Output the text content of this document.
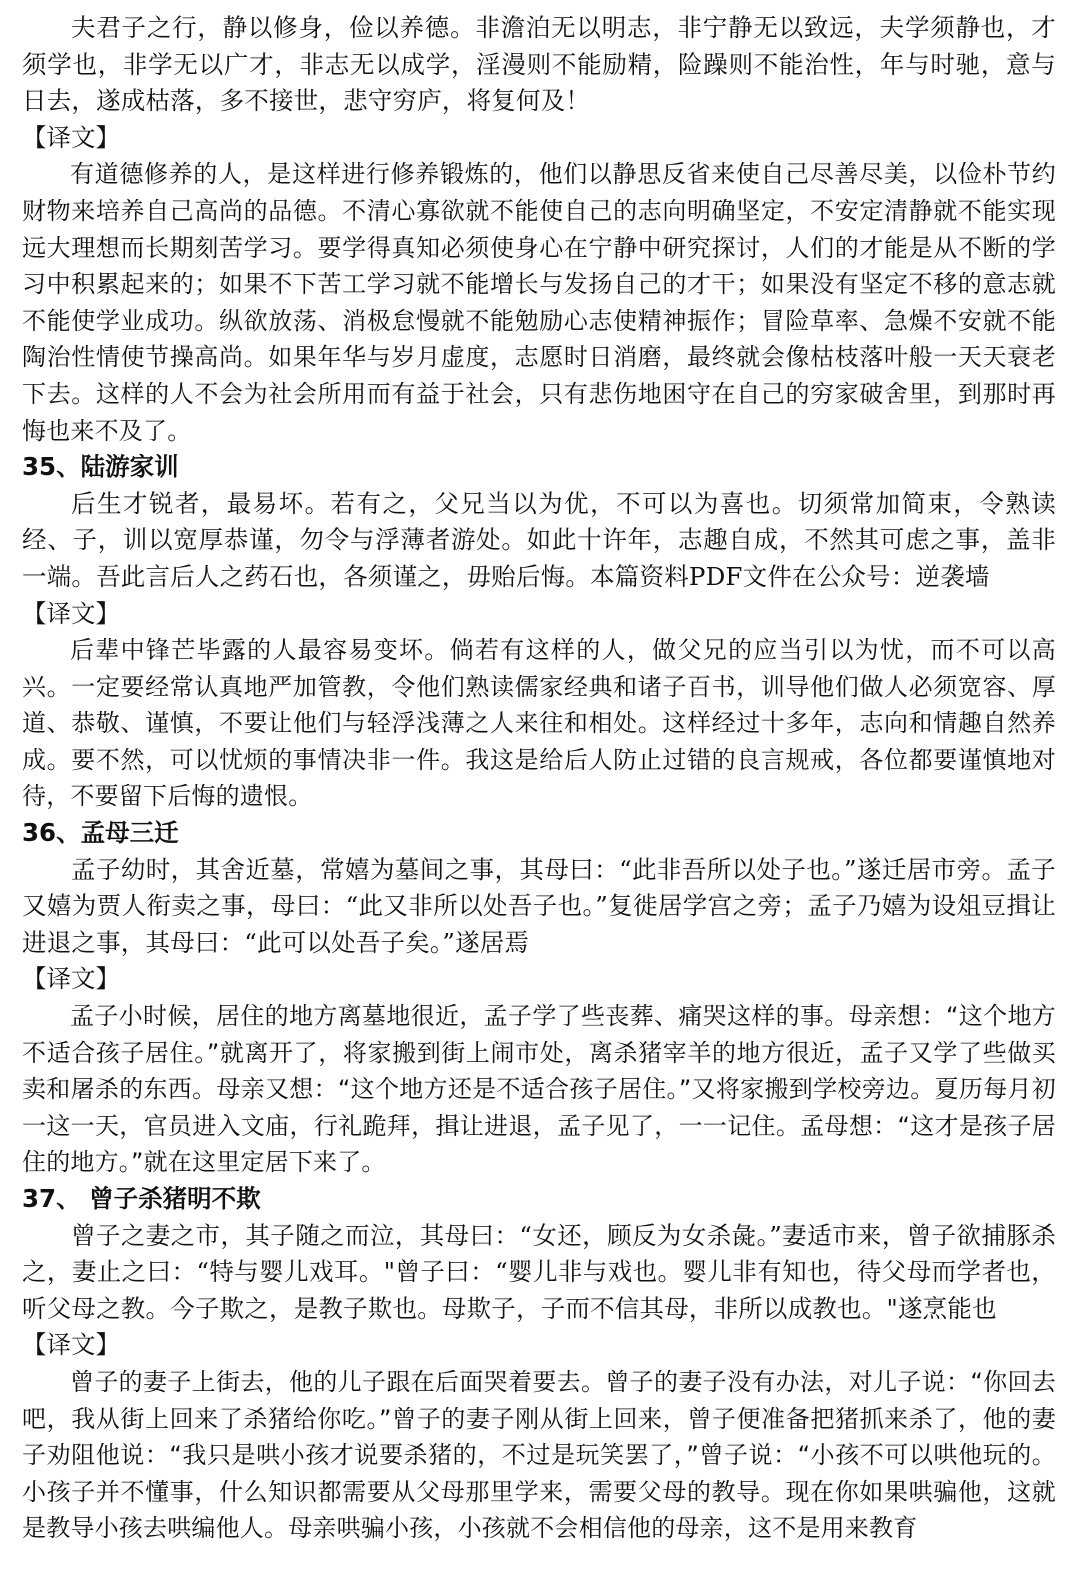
夫君子之行，静以修身，俭以养德。非澹泊无以明志，非宁静无以致远，夫学须静也，才须学也，非学无以广才，非志无以成学，淫漫则不能励精，险躁则不能治性，年与时驰，意与日去，遂成枯落，多不接世，悲守穷庐，将复何及！

【译文】

有道德修养的人，是这样进行修养锻炼的，他们以静思反省来使自己尽善尽美，以俭朴节约财物来培养自己高尚的品德。不清心寡欲就不能使自己的志向明确坚定，不安定清静就不能实现远大理想而长期刻苦学习。要学得真知必须使身心在宁静中研究探讨，人们的才能是从不断的学习中积累起来的；如果不下苦工学习就不能增长与发扬自己的才干；如果没有坚定不移的意志就不能使学业成功。纵欲放荡、消极怠慢就不能勉励心志使精神振作；冒险草率、急燥不安就不能陶治性情使节操高尚。如果年华与岁月虚度，志愿时日消磨，最终就会像枯枝落叶般一天天衰老下去。这样的人不会为社会所用而有益于社会，只有悲伤地困守在自己的穷家破舍里，到那时再悔也来不及了。

35、陆游家训

后生才锐者，最易坏。若有之，父兄当以为优，不可以为喜也。切须常加简束，令熟读经、子，训以宽厚恭谨，勿令与浮薄者游处。如此十许年，志趣自成，不然其可虑之事，盖非一端。吾此言后人之药石也，各须谨之，毋贻后悔。本篇资料PDF文件在公众号：逆袭墙

【译文】

后辈中锋芒毕露的人最容易变坏。倘若有这样的人，做父兄的应当引以为忧，而不可以高兴。一定要经常认真地严加管教，令他们熟读儒家经典和诸子百书，训导他们做人必须宽容、厚道、恭敬、谨慎，不要让他们与轻浮浅薄之人来往和相处。这样经过十多年，志向和情趣自然养成。要不然，可以忧烦的事情决非一件。我这是给后人防止过错的良言规戒，各位都要谨慎地对待，不要留下后悔的遗恨。

36、孟母三迁

孟子幼时，其舍近墓，常嬉为墓间之事，其母曰：“此非吾所以处子也。”遂迁居市旁。孟子又嬉为贾人衔卖之事，母曰：“此又非所以处吾子也。”复徙居学宫之旁；孟子乃嬉为设俎豆揖让进退之事，其母曰：“此可以处吾子矣。”遂居焉

【译文】

孟子小时候，居住的地方离墓地很近，孟子学了些丧葬、痛哭这样的事。母亲想：“这个地方不适合孩子居住。”就离开了，将家搬到街上闹市处，离杀猪宰羊的地方很近，孟子又学了些做买卖和屠杀的东西。母亲又想：“这个地方还是不适合孩子居住。”又将家搬到学校旁边。夏历每月初一这一天，官员进入文庙，行礼跪拜，揖让进退，孟子见了，一一记住。孟母想：“这才是孩子居住的地方。”就在这里定居下来了。

37、 曾子杀猪明不欺

曾子之妻之市，其子随之而泣，其母曰：“女还，顾反为女杀彘。”妻适市来，曾子欲捕豚杀之，妻止之曰：“特与婴儿戏耳。"曾子曰：“婴儿非与戏也。婴儿非有知也，待父母而学者也，听父母之教。今子欺之，是教子欺也。母欺子，子而不信其母，非所以成教也。"遂烹能也

【译文】

曾子的妻子上街去，他的儿子跟在后面哭着要去。曾子的妻子没有办法，对儿子说：“你回去吧，我从街上回来了杀猪给你吃。”曾子的妻子刚从街上回来，曾子便准备把猪抓来杀了，他的妻子劝阻他说：“我只是哄小孩才说要杀猪的，不过是玩笑罢了，”曾子说：“小孩不可以哄他玩的。小孩子并不懂事，什么知识都需要从父母那里学来，需要父母的教导。现在你如果哄骗他，这就是教导小孩去哄编他人。母亲哄骗小孩，小孩就不会相信他的母亲，这不是用来教育
